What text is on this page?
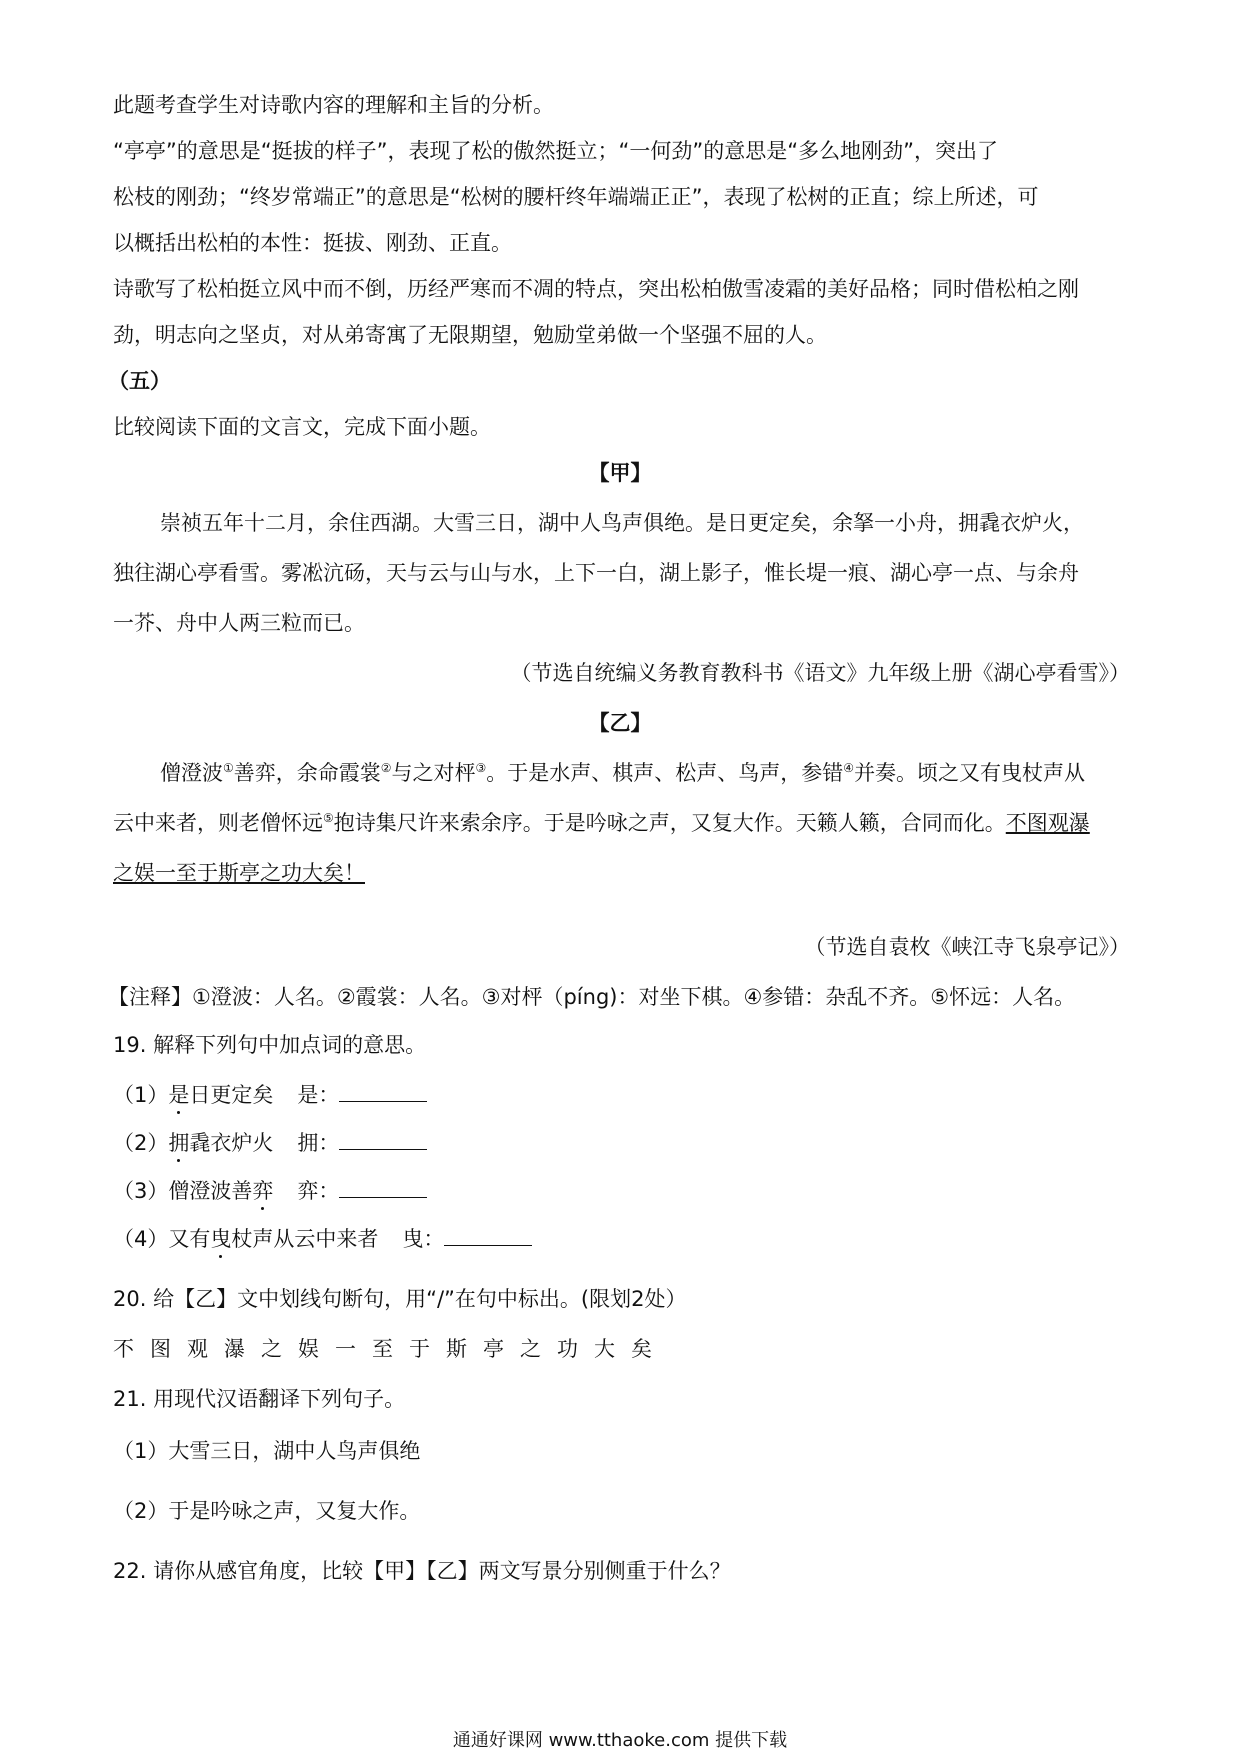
此题考查学生对诗歌内容的理解和主旨的分析。
“亭亭”的意思是“挺拔的样子”，表现了松的傲然挺立；“一何劲”的意思是“多么地刚劲”，突出了
松枝的刚劲；“终岁常端正”的意思是“松树的腰杆终年端端正正”，表现了松树的正直；综上所述，可
以概括出松柏的本性：挺拔、刚劲、正直。
诗歌写了松柏挺立风中而不倒，历经严寒而不凋的特点，突出松柏傲雪凌霜的美好品格；同时借松柏之刚
劲，明志向之坚贞，对从弟寄寓了无限期望，勉励堂弟做一个坚强不屈的人。
（五）
比较阅读下面的文言文，完成下面小题。
【甲】
崇祯五年十二月，余住西湖。大雪三日，湖中人鸟声俱绝。是日更定矣，余拏一小舟，拥毳衣炉火，
独往湖心亭看雪。雾凇沆砀，天与云与山与水，上下一白，湖上影子，惟长堤一痕、湖心亭一点、与余舟
一芥、舟中人两三粒而已。
（节选自统编义务教育教科书《语文》九年级上册《湖心亭看雪》）
【乙】
僧澄波①善弈，余命霞裳②与之对枰③。于是水声、棋声、松声、鸟声，参错④并奏。顷之又有曳杖声从
云中来者，则老僧怀远⑤抱诗集尺许来索余序。于是吟咏之声，又复大作。天籁人籁，合同而化。不图观瀑
之娱一至于斯亭之功大矣！
（节选自袁枚《峡江寺飞泉亭记》）
【注释】①澄波：人名。②霞裳：人名。③对枰（píng)：对坐下棋。④参错：杂乱不齐。⑤怀远：人名。
19. 解释下列句中加点词的意思。
（1）是日更定矣 是：
（2）拥毳衣炉火 拥：
（3）僧澄波善弈 弈：
（4）又有曳杖声从云中来者 曳：
20. 给【乙】文中划线句断句，用“/”在句中标出。(限划2处）
不图观瀑之娱一至于斯亭之功大矣
21. 用现代汉语翻译下列句子。
（1）大雪三日，湖中人鸟声俱绝
（2）于是吟咏之声，又复大作。
22. 请你从感官角度，比较【甲】【乙】两文写景分别侧重于什么？
通通好课网 www.tthaoke.com 提供下载
